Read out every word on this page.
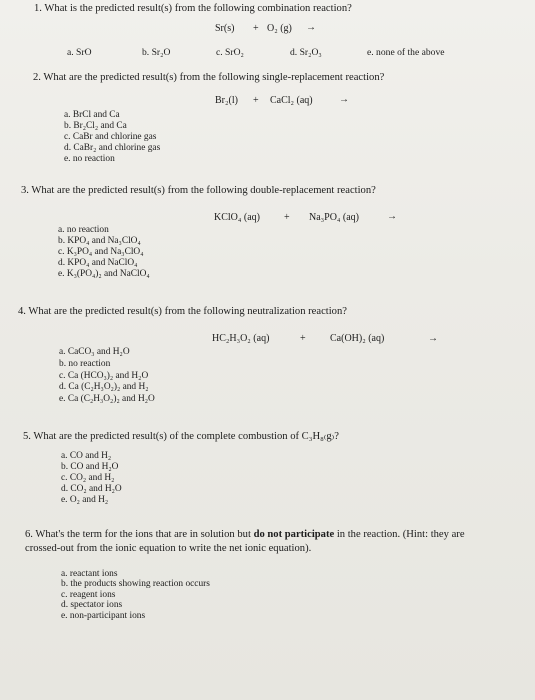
1. What is the predicted result(s) from the following combination reaction?
Sr(s) + O₂ (g) →
a. SrO	b. Sr₂O	c. SrO₂	d. Sr₂O₃	e. none of the above
2. What are the predicted result(s) from the following single-replacement reaction?
Br₂(l) + CaCl₂ (aq)	→
a. BrCl and Ca
b. Br₂Cl₂ and Ca
c. CaBr and chlorine gas
d. CaBr₂ and chlorine gas
e. no reaction
3. What are the predicted result(s) from the following double-replacement reaction?
KClO₄ (aq) + Na₃PO₄ (aq)	→
a. no reaction
b. KPO₄ and Na₃ClO₄
c. K₃PO₄ and Na₃ClO₄
d. KPO₄ and NaClO₄
e. K₃(PO₄)₂ and NaClO₄
4. What are the predicted result(s) from the following neutralization reaction?
HC₂H₃O₂ (aq)	+ Ca(OH)₂ (aq)	→
a. CaCO₃ and H₂O
b. no reaction
c. Ca (HCO₃)₂ and H₂O
d. Ca (C₂H₃O₂)₂ and H₂
e. Ca (C₂H₃O₂)₂ and H₂O
5. What are the predicted result(s) of the complete combustion of C₃H₈₍g₎?
a. CO and H₂
b. CO and H₂O
c. CO₂ and H₂
d. CO₂ and H₂O
e. O₂ and H₂
6. What's the term for the ions that are in solution but do not participate in the reaction. (Hint: they are
crossed-out from the ionic equation to write the net ionic equation).
a. reactant ions
b. the products showing reaction occurs
c. reagent ions
d. spectator ions
e. non-participant ions
